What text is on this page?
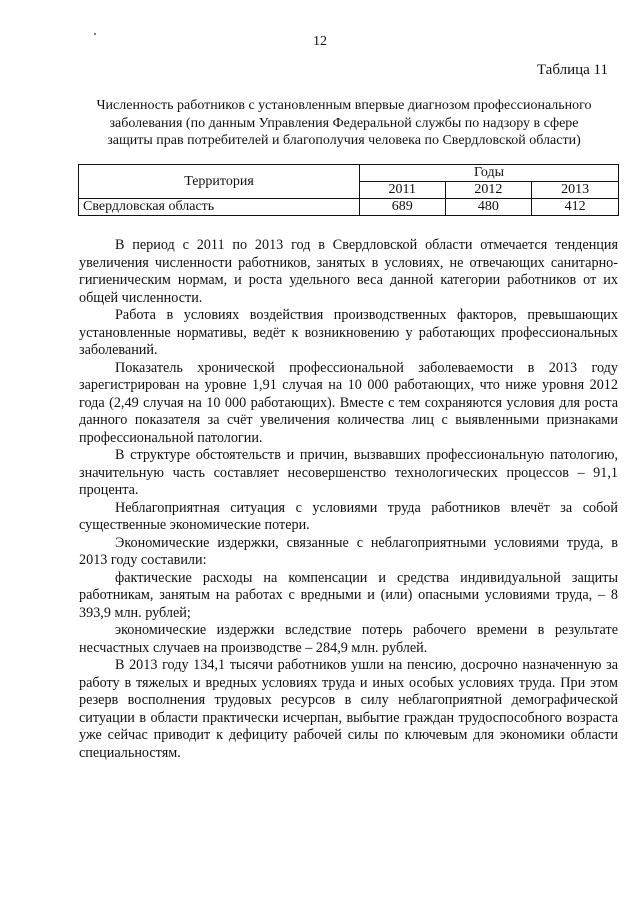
12
Таблица 11
Численность работников с установленным впервые диагнозом профессионального
заболевания (по данным Управления Федеральной службы по надзору в сфере
защиты прав потребителей и благополучия человека по Свердловской области)
Территория	Годы		
	2011	2012	2013
Свердловская область	689	480	412

В период с 2011 по 2013 год в Свердловской области отмечается тенденция увеличения численности работников, занятых в условиях, не отвечающих санитарно-гигиеническим нормам, и роста удельного веса данной категории работников от их общей численности.

Работа в условиях воздействия производственных факторов, превышающих установленные нормативы, ведёт к возникновению у работающих профессиональных заболеваний.

Показатель хронической профессиональной заболеваемости в 2013 году зарегистрирован на уровне 1,91 случая на 10 000 работающих, что ниже уровня 2012 года (2,49 случая на 10 000 работающих). Вместе с тем сохраняются условия для роста данного показателя за счёт увеличения количества лиц с выявленными признаками профессиональной патологии.

В структуре обстоятельств и причин, вызвавших профессиональную патологию, значительную часть составляет несовершенство технологических процессов – 91,1 процента.

Неблагоприятная ситуация с условиями труда работников влечёт за собой существенные экономические потери.

Экономические издержки, связанные с неблагоприятными условиями труда, в 2013 году составили:

фактические расходы на компенсации и средства индивидуальной защиты работникам, занятым на работах с вредными и (или) опасными условиями труда, – 8 393,9 млн. рублей;

экономические издержки вследствие потерь рабочего времени в результате несчастных случаев на производстве – 284,9 млн. рублей.

В 2013 году 134,1 тысячи работников ушли на пенсию, досрочно назначенную за работу в тяжелых и вредных условиях труда и иных особых условиях труда. При этом резерв восполнения трудовых ресурсов в силу неблагоприятной демографической ситуации в области практически исчерпан, выбытие граждан трудоспособного возраста уже сейчас приводит к дефициту рабочей силы по ключевым для экономики области специальностям.
